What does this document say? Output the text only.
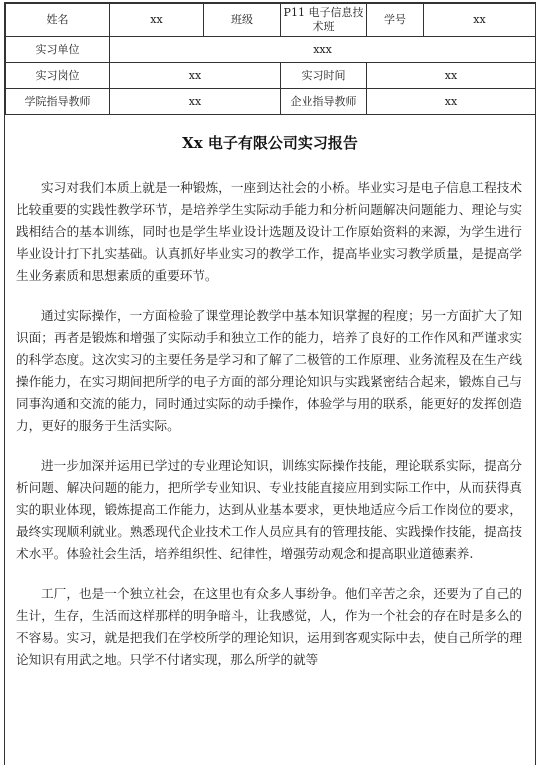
姓名	xx	班级	P11 电子信息技术班	学号	xx
实习单位	xxx				
实习岗位	xx		实习时间	xx	
学院指导教师	xx		企业指导教师	xx	
Xx 电子有限公司实习报告

实习对我们本质上就是一种锻炼，一座到达社会的小桥。毕业实习是电子信息工程技术比较重要的实践性教学环节，是培养学生实际动手能力和分析问题解决问题能力、理论与实践相结合的基本训练，同时也是学生毕业设计选题及设计工作原始资料的来源，为学生进行毕业设计打下扎实基础。认真抓好毕业实习的教学工作，提高毕业实习教学质量，是提高学生业务素质和思想素质的重要环节。

通过实际操作，一方面检验了课堂理论教学中基本知识掌握的程度；另一方面扩大了知识面；再者是锻炼和增强了实际动手和独立工作的能力，培养了良好的工作作风和严谨求实的科学态度。这次实习的主要任务是学习和了解了二极管的工作原理、业务流程及在生产线操作能力，在实习期间把所学的电子方面的部分理论知识与实践紧密结合起来，锻炼自己与同事沟通和交流的能力，同时通过实际的动手操作，体验学与用的联系，能更好的发挥创造力，更好的服务于生活实际。

进一步加深并运用已学过的专业理论知识，训练实际操作技能，理论联系实际，提高分析问题、解决问题的能力，把所学专业知识、专业技能直接应用到实际工作中，从而获得真实的职业体现，锻炼提高工作能力，达到从业基本要求，更快地适应今后工作岗位的要求，最终实现顺利就业。熟悉现代企业技术工作人员应具有的管理技能、实践操作技能，提高技术水平。体验社会生活，培养组织性、纪律性，增强劳动观念和提高职业道德素养.

工厂，也是一个独立社会，在这里也有众多人事纷争。他们辛苦之余，还要为了自己的生计，生存，生活而这样那样的明争暗斗，让我感觉，人，作为一个社会的存在时是多么的不容易。实习，就是把我们在学校所学的理论知识，运用到客观实际中去，使自己所学的理论知识有用武之地。只学不付诸实现，那么所学的就等
